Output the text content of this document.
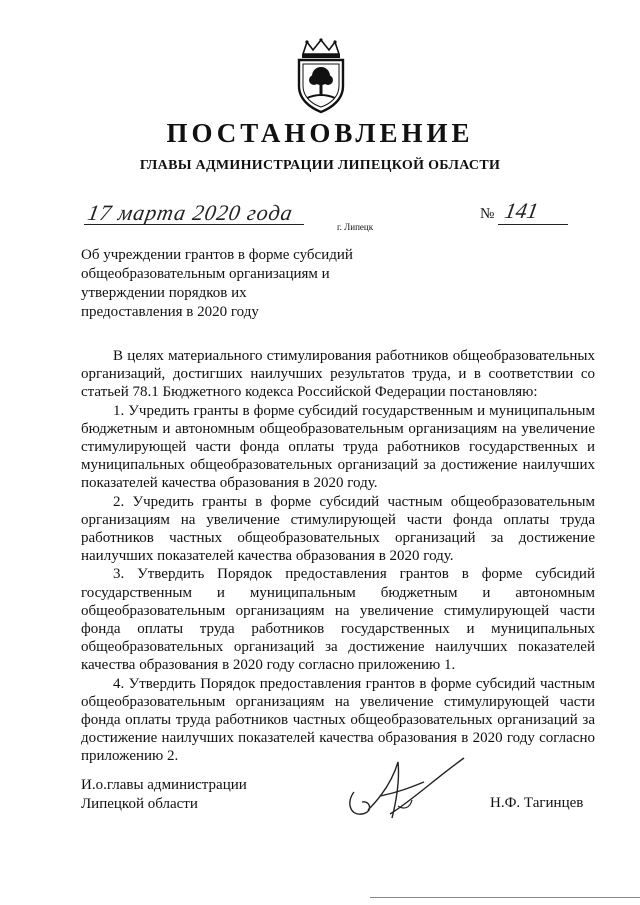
ПОСТАНОВЛЕНИЕ
ГЛАВЫ АДМИНИСТРАЦИИ ЛИПЕЦКОЙ ОБЛАСТИ
17 марта 2020 года
г. Липецк
№ 141
Об учреждении грантов в форме субсидий
общеобразовательным организациям и
утверждении порядков их
предоставления в 2020 году

В целях материального стимулирования работников общеобразовательных организаций, достигших наилучших результатов труда, и в соответствии со статьей 78.1 Бюджетного кодекса Российской Федерации постановляю:

1. Учредить гранты в форме субсидий государственным и муниципальным бюджетным и автономным общеобразовательным организациям на увеличение стимулирующей части фонда оплаты труда работников государственных и муниципальных общеобразовательных организаций за достижение наилучших показателей качества образования в 2020 году.

2. Учредить гранты в форме субсидий частным общеобразовательным организациям на увеличение стимулирующей части фонда оплаты труда работников частных общеобразовательных организаций за достижение наилучших показателей качества образования в 2020 году.

3. Утвердить Порядок предоставления грантов в форме субсидий государственным и муниципальным бюджетным и автономным общеобразовательным организациям на увеличение стимулирующей части фонда оплаты труда работников государственных и муниципальных общеобразовательных организаций за достижение наилучших показателей качества образования в 2020 году согласно приложению 1.

4. Утвердить Порядок предоставления грантов в форме субсидий частным общеобразовательным организациям на увеличение стимулирующей части фонда оплаты труда работников частных общеобразовательных организаций за достижение наилучших показателей качества образования в 2020 году согласно приложению 2.

И.о.главы администрации
Липецкой области	Н.Ф. Тагинцев
